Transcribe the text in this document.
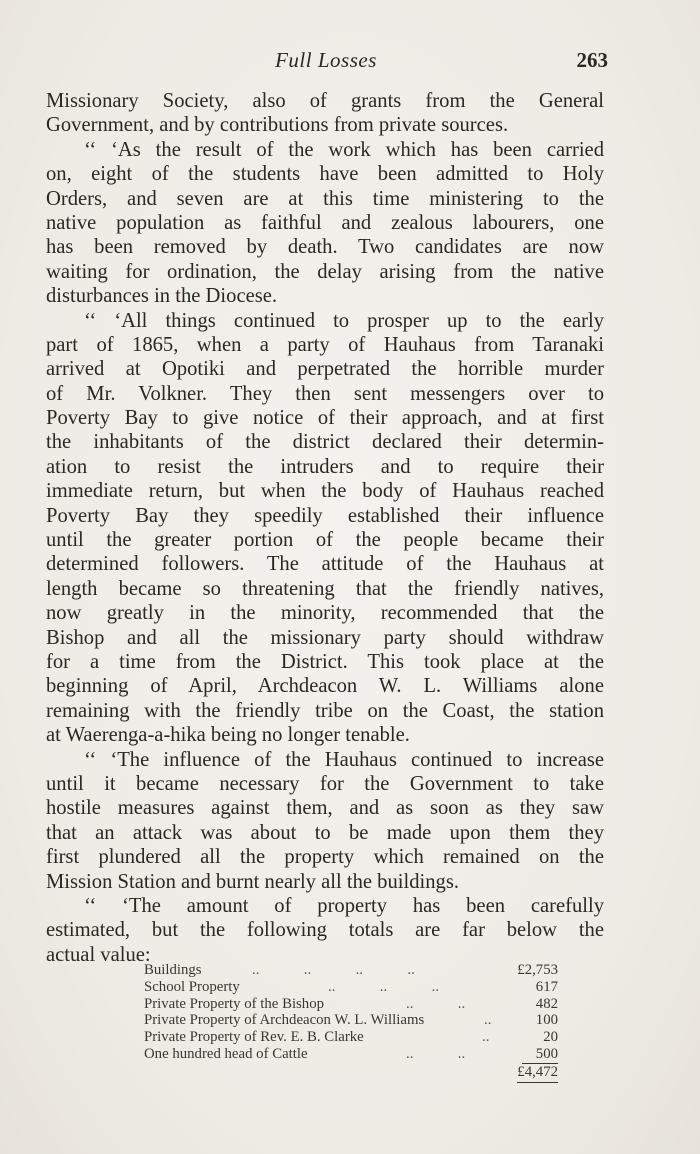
Full Losses	263
Missionary Society, also of grants from the General
Government, and by contributions from private sources.
‘‘ ‘As the result of the work which has been carried
on, eight of the students have been admitted to Holy
Orders, and seven are at this time ministering to the
native population as faithful and zealous labourers, one
has been removed by death. Two candidates are now
waiting for ordination, the delay arising from the native
disturbances in the Diocese.
‘‘ ‘All things continued to prosper up to the early
part of 1865, when a party of Hauhaus from Taranaki
arrived at Opotiki and perpetrated the horrible murder
of Mr. Volkner. They then sent messengers over to
Poverty Bay to give notice of their approach, and at first
the inhabitants of the district declared their determin-
ation to resist the intruders and to require their
immediate return, but when the body of Hauhaus reached
Poverty Bay they speedily established their influence
until the greater portion of the people became their
determined followers. The attitude of the Hauhaus at
length became so threatening that the friendly natives,
now greatly in the minority, recommended that the
Bishop and all the missionary party should withdraw
for a time from the District. This took place at the
beginning of April, Archdeacon W. L. Williams alone
remaining with the friendly tribe on the Coast, the station
at Waerenga-a-hika being no longer tenable.
‘‘ ‘The influence of the Hauhaus continued to increase
until it became necessary for the Government to take
hostile measures against them, and as soon as they saw
that an attack was about to be made upon them they
first plundered all the property which remained on the
Mission Station and burnt nearly all the buildings.
‘‘ ‘The amount of property has been carefully
estimated, but the following totals are far below the
actual value:
Buildings	..            ..            ..            ..	£2,753
School Property	..            ..            ..	617
Private Property of the Bishop	..            ..	482
Private Property of Archdeacon W. L. Williams	..	100
Private Property of Rev. E. B. Clarke	..	20
One hundred head of Cattle	..            ..	500
£4,472
